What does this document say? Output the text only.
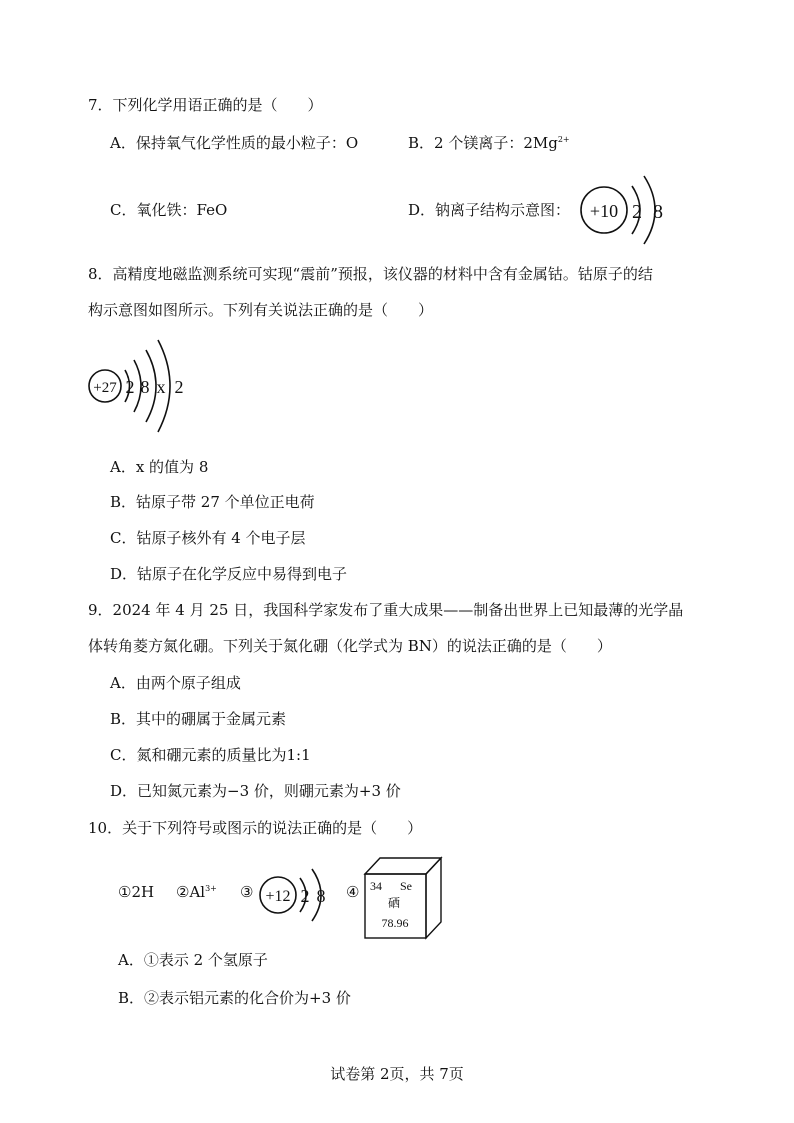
7．下列化学用语正确的是（　　）
A．保持氧气化学性质的最小粒子：O	B．2 个镁离子：$2Mg^{2+}$
C．氧化铁：FeO	D．钠离子结构示意图： +10 2 8
8．高精度地磁监测系统可实现“震前”预报，该仪器的材料中含有金属钴。钴原子的结
构示意图如图所示。下列有关说法正确的是（　　）
+27 2 8 x 2
A．x 的值为 8
B．钴原子带 27 个单位正电荷
C．钴原子核外有 4 个电子层
D．钴原子在化学反应中易得到电子
9．2024 年 4 月 25 日，我国科学家发布了重大成果——制备出世界上已知最薄的光学晶
体转角菱方氮化硼。下列关于氮化硼（化学式为 BN）的说法正确的是（　　）
A．由两个原子组成
B．其中的硼属于金属元素
C．氮和硼元素的质量比为1:1
D．已知氮元素为−3 价，则硼元素为+3 价
10．关于下列符号或图示的说法正确的是（　　）
①2H $②Al^{3+}$ ③ +12 2 8 ④ 34 Se
硒
78.96
A．①表示 2 个氢原子
B．②表示铝元素的化合价为+3 价
试卷第 2页，共 7页
